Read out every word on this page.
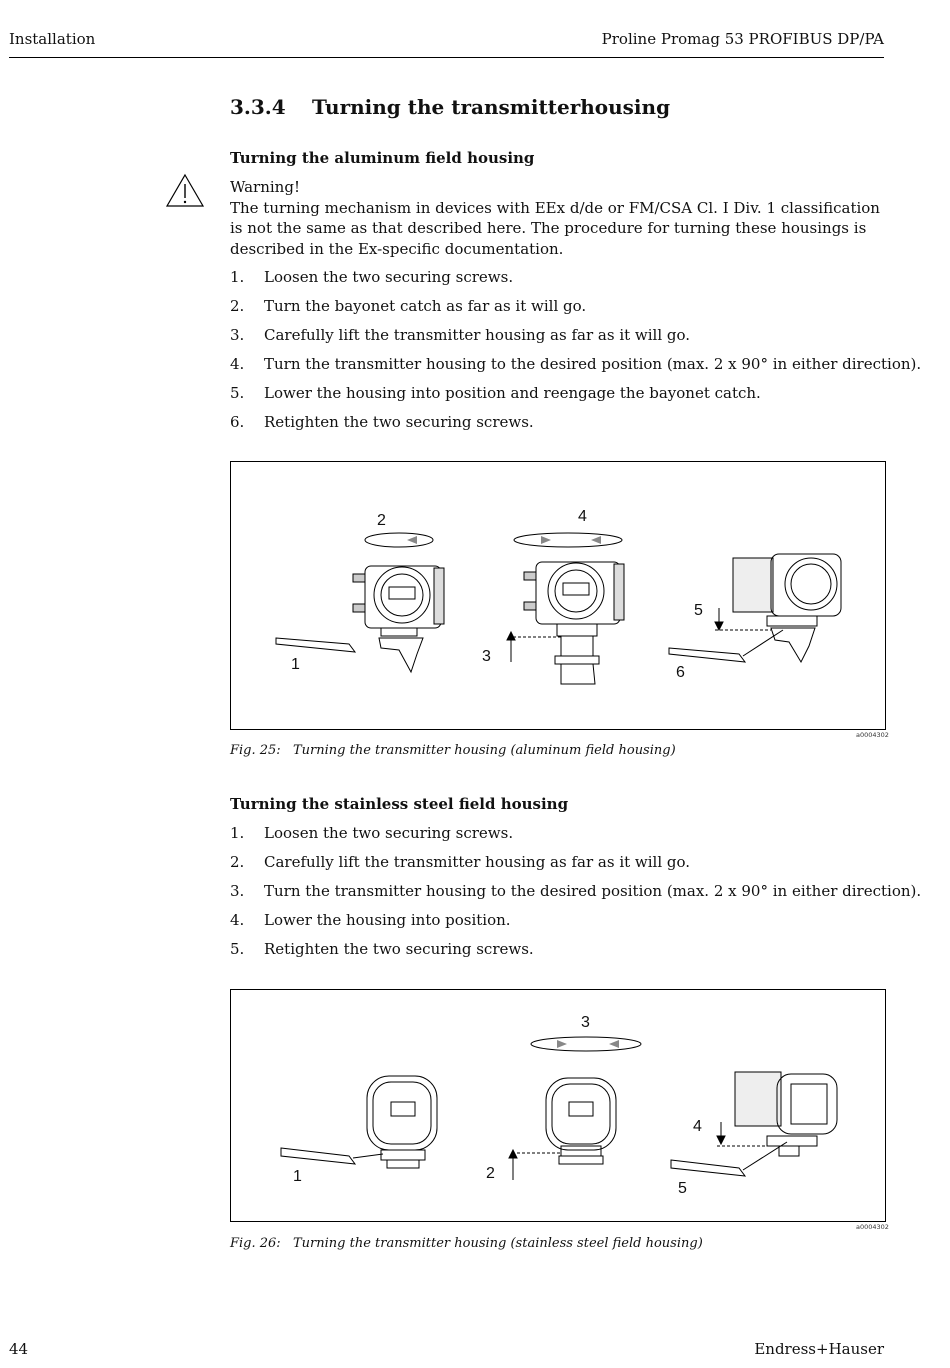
Installation	Proline Promag 53 PROFIBUS DP/PA
3.3.4 Turning the transmitterhousing
Turning the aluminum field housing
Warning!
The turning mechanism in devices with EEx d/de or FM/CSA Cl. I Div. 1 classification is not the same as that described here. The procedure for turning these housings is described in the Ex-specific documentation.
1. Loosen the two securing screws.
2. Turn the bayonet catch as far as it will go.
3. Carefully lift the transmitter housing as far as it will go.
4. Turn the transmitter housing to the desired position (max. 2 x 90° in either direction).
5. Lower the housing into position and reengage the bayonet catch.
6. Retighten the two securing screws.
1
2
3
4
5
6
a0004302
Fig. 25: Turning the transmitter housing (aluminum field housing)
Turning the stainless steel field housing
1. Loosen the two securing screws.
2. Carefully lift the transmitter housing as far as it will go.
3. Turn the transmitter housing to the desired position (max. 2 x 90° in either direction).
4. Lower the housing into position.
5. Retighten the two securing screws.
1	2
3
4
5
a0004302
Fig. 26: Turning the transmitter housing (stainless steel field housing)
44	Endress+Hauser
